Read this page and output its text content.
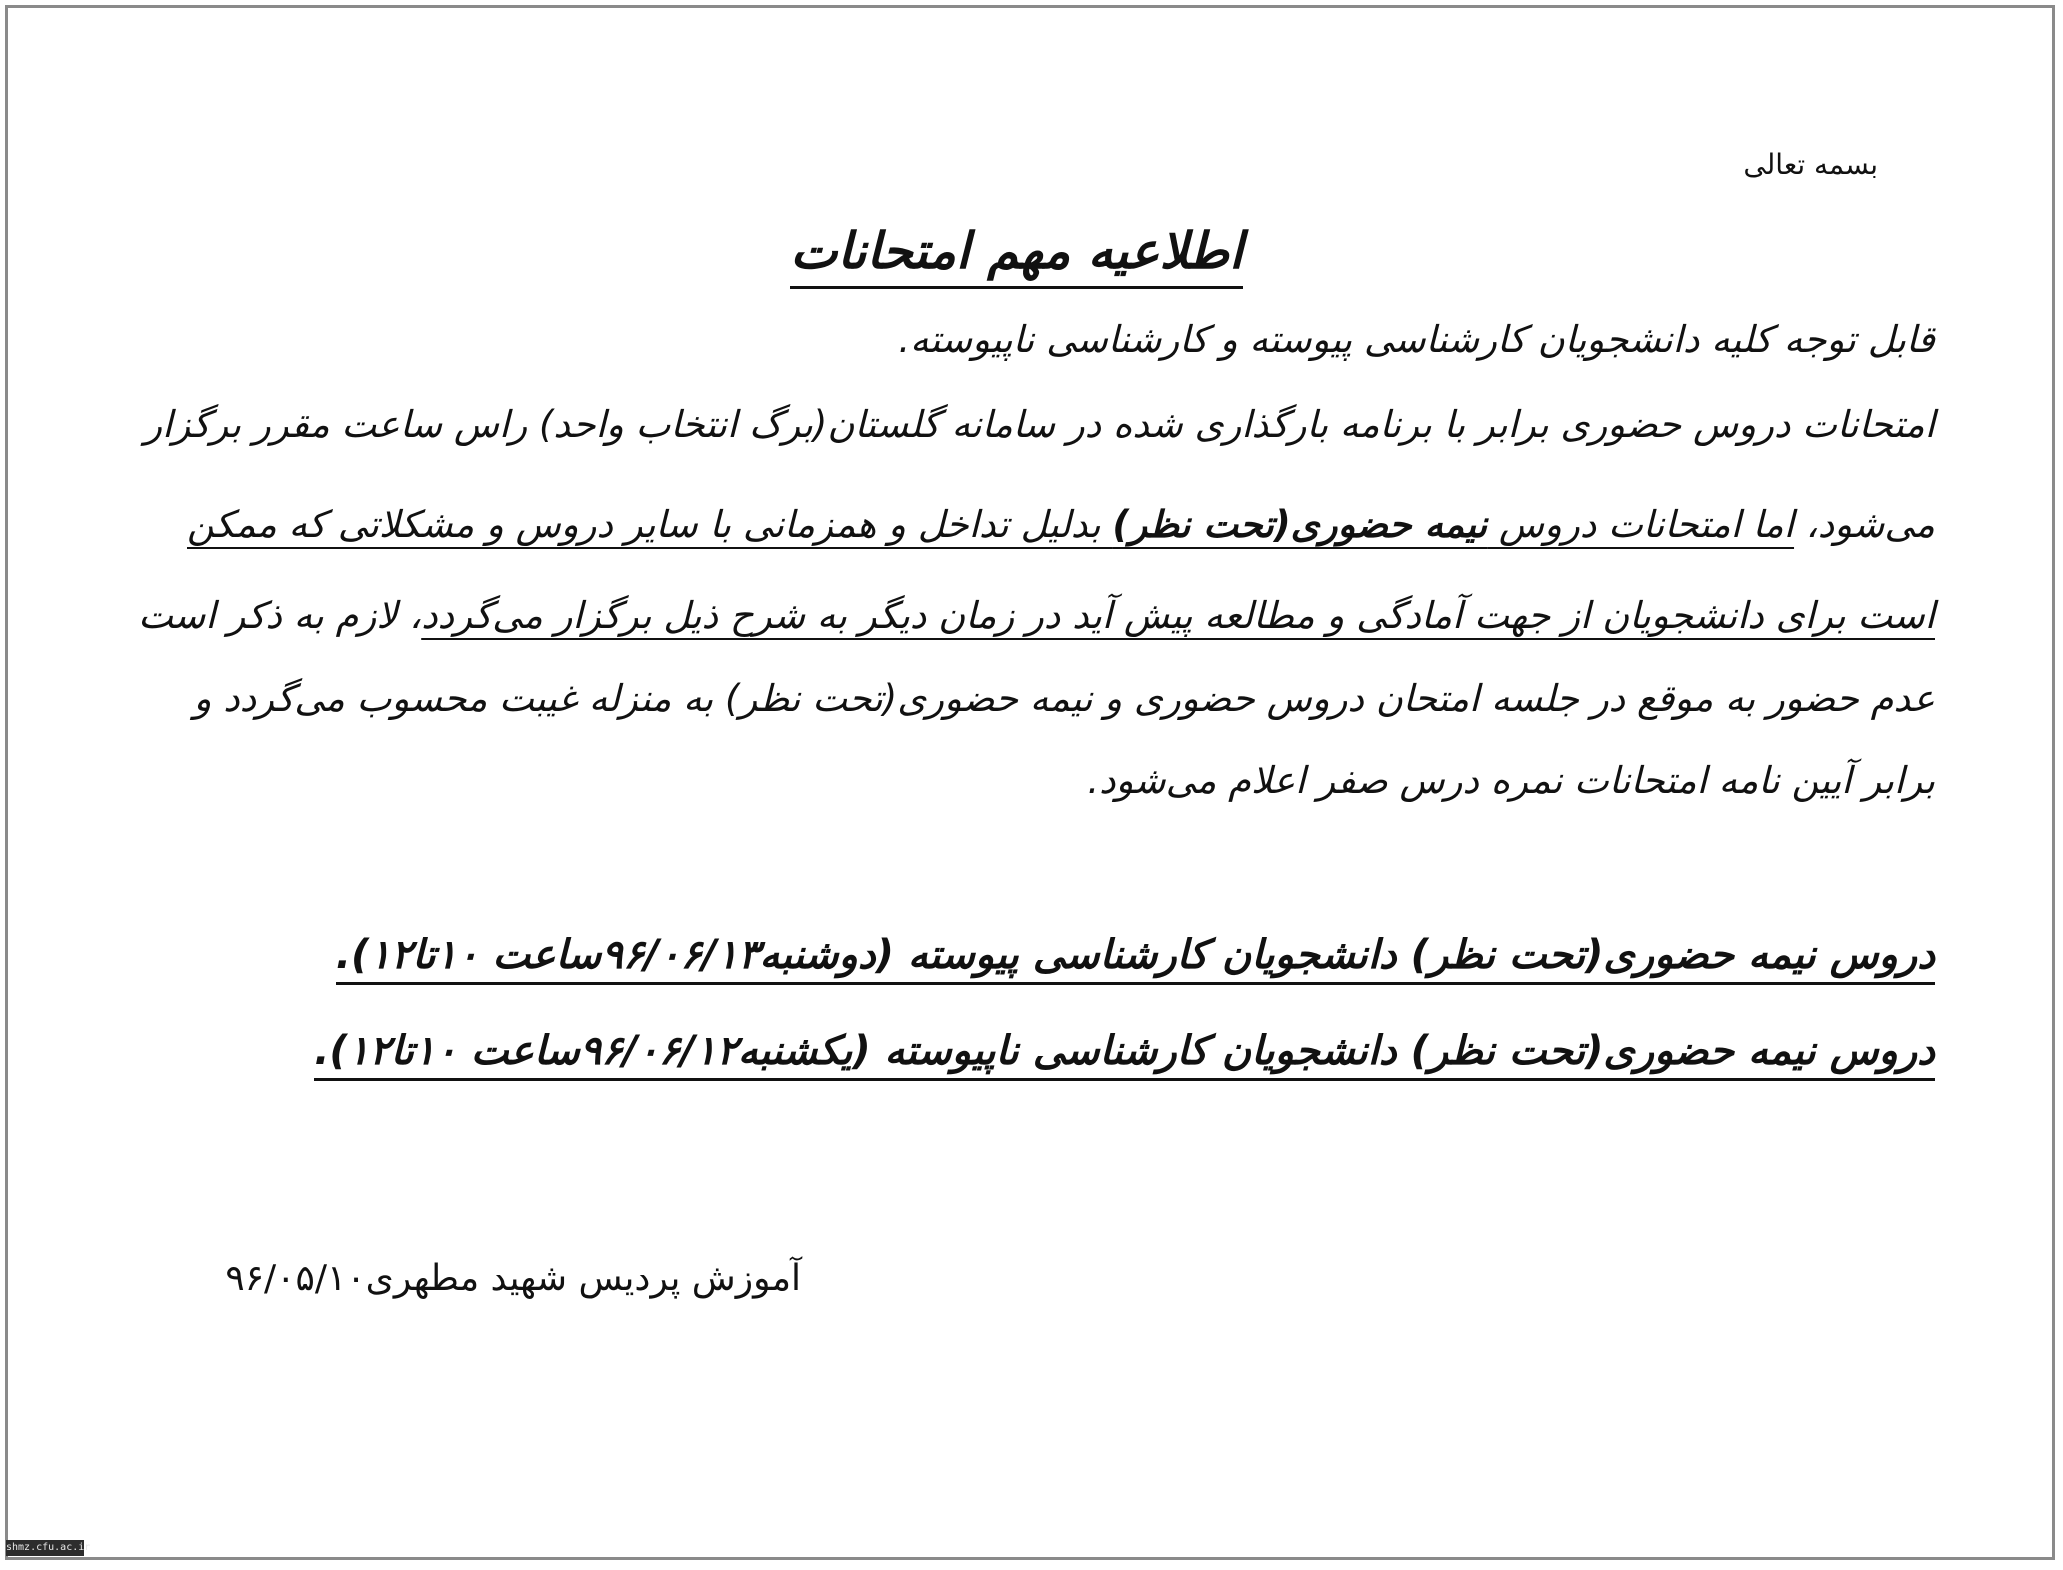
بسمه تعالی
اطلاعیه مهم امتحانات
قابل توجه کلیه دانشجویان کارشناسی پیوسته و کارشناسی ناپیوسته.
امتحانات دروس حضوری برابر با برنامه بارگذاری شده در سامانه گلستان(برگ انتخاب واحد) راس ساعت مقرر برگزار
می‌شود، اما امتحانات دروس نیمه حضوری(تحت نظر) بدلیل تداخل و همزمانی با سایر دروس و مشکلاتی که ممکن
است برای دانشجویان از جهت آمادگی و مطالعه پیش آید در زمان دیگر به شرح ذیل برگزار می‌گردد، لازم به ذکر است
عدم حضور به موقع در جلسه امتحان دروس حضوری و نیمه حضوری(تحت نظر) به منزله غیبت محسوب می‌گردد و
برابر آیین نامه امتحانات نمره درس صفر اعلام می‌شود.
دروس نیمه حضوری(تحت نظر) دانشجویان کارشناسی پیوسته (دوشنبه۹۶/۰۶/۱۳ساعت ۱۰تا۱۲).
دروس نیمه حضوری(تحت نظر) دانشجویان کارشناسی ناپیوسته (یکشنبه۹۶/۰۶/۱۲ساعت ۱۰تا۱۲).
آموزش پردیس شهید مطهری۹۶/۰۵/۱۰
shmz.cfu.ac.ir
